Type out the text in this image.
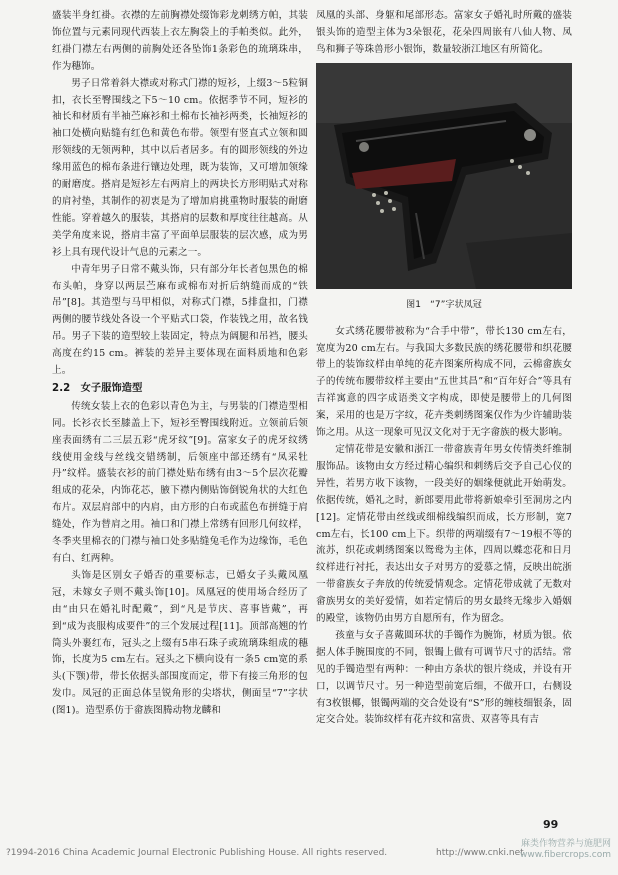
盛装半身红褂。衣襟的左前胸襟处缀饰彩龙刺绣方帕，其装饰位置与元素同现代西装上衣左胸袋上的手帕类似。此外，红褂门襟左右两侧的前胸处还各坠饰1条彩色的琉璃珠串，作为穗饰。

男子日常着斜大襟或对称式门襟的短衫，上缀3～5粒铜扣，衣长至臀围线之下5～10 cm。依据季节不同，短衫的袖长和材质有半袖苎麻衫和土棉布长袖衫两类，长袖短衫的袖口处横向贴缝有红色和黄色布带。领型有竖直式立领和圆形领线的无领两种，其中以后者居多。有的圆形领线的外边缘用蓝色的棉布条进行镶边处理，既为装饰，又可增加领缘的耐磨度。搭肩是短衫左右两肩上的两块长方形明贴式对称的肩衬垫，其制作的初衷是为了增加肩挑重物时服装的耐磨性能。穿着越久的服装，其搭肩的层数和厚度往往越高。从美学角度来说，搭肩丰富了平面单层服装的层次感，成为男衫上具有现代设计气息的元素之一。

中青年男子日常不戴头饰，只有部分年长者包黑色的棉布头帕，身穿以两层苎麻布或棉布对折后纳缝而成的“铁吊”[8]。其造型与马甲相似，对称式门襟，5排盘扣，门襟两侧的腰节线处各设一个平贴式口袋，作装钱之用，故名钱吊。男子下装的造型较上装固定，特点为阔腿和吊裆，腰头高度在约15 cm。裤装的差异主要体现在面料质地和色彩上。

2.2　女子服饰造型

传统女装上衣的色彩以青色为主，与男装的门襟造型相同。长衫衣长至膝盖上下，短衫至臀围线附近。立领前后领座表面绣有二三层五彩“虎牙纹”[9]。富家女子的虎牙纹绣线使用金线与丝线交错绣制，后领座中部还绣有“凤采牡丹”纹样。盛装衣衫的前门襟处贴布绣有由3～5个层次花瓣组成的花朵，内饰花芯，腋下襟内侧贴饰倒锐角状的大红色布片。双层肩部中的内肩，由方形的白布或蓝色布拼缝于肩缝处，作为替肩之用。袖口和门襟上常绣有回形几何纹样，冬季夹里棉衣的门襟与袖口处多贴缝兔毛作为边缘饰，毛色有白、红两种。

头饰是区别女子婚否的重要标志，已婚女子头戴凤凰冠，未嫁女子则不戴头饰[10]。凤凰冠的使用场合经历了由“由只在婚礼时配戴”，到“凡是节庆、喜事皆戴”，再到“成为丧服构成要件”的三个发展过程[11]。顶部高翘的竹筒头外裹红布，冠头之上缀有5串石珠子或琉璃珠组成的穗饰，长度为5 cm左右。冠头之下横向设有一条5 cm宽的系头(下颚)带，带长依据头部围度而定，带下有接三角形的包发巾。凤冠的正面总体呈锐角形的尖塔状，侧面呈“7”字状(图1)。造型系仿于畲族图腾动物龙麟和

凤凰的头部、身躯和尾部形态。富家女子婚礼时所戴的盛装银头饰的造型主体为3朵银花，花朵四周嵌有八仙人物、凤鸟和狮子等珠兽形小银饰，数量较浙江地区有所简化。

图1　“7”字状凤冠

女式绣花腰带被称为“合手中带”，带长130 cm左右，宽度为20 cm左右。与我国大多数民族的绣花腰带和织花腰带上的装饰纹样由单纯的花卉图案所构成不同，云棉畲族女子的传统布腰带纹样主要由“五世其昌”和“百年好合”等具有吉祥寓意的四字成语类文字构成，即使是腰带上的几何图案，采用的也是万字纹，花卉类刺绣图案仅作为少许辅助装饰之用。从这一现象可见汉文化对于无字畲族的极大影响。

定情花带是安徽和浙江一带畲族青年男女传情类纤维制服饰品。该物由女方经过精心编织和刺绣后交予自己心仪的异性，若男方收下该物，一段美好的姻缘便就此开始萌发。依据传统，婚礼之时，新郎要用此带将新娘牵引至洞房之内[12]。定情花带由丝线或细棉线编织而成，长方形制，宽7 cm左右，长100 cm上下。织带的两端缀有7～19根不等的流苏，织花或刺绣图案以鸳鸯为主体，四周以蝶恋花和日月纹样进行衬托，表达出女子对男方的爱慕之情，反映出皖浙一带畲族女子奔放的传统爱情观念。定情花带成就了无数对畲族男女的美好爱情，如若定情后的男女最终无缘步入婚姻的殿堂，该物仍由男方自愿所有，作为留念。

孩童与女子喜戴圆环状的手镯作为腕饰，材质为银。依据人体手腕围度的不同，银镯上做有可调节尺寸的活结。常见的手镯造型有两种：一种由方条状的银片绕成，并设有开口，以调节尺寸。另一种造型前宽后细，不做开口，右侧设有3枚银椰，银镯两端的交合处设有“S”形的缠枝细银条，固定交合处。装饰纹样有花卉纹和富贵、双喜等具有吉

99
?1994-2016 China Academic Journal Electronic Publishing House. All rights reserved.	http://www.cnki.net
麻类作物营养与施肥网
www.fibercrops.com
